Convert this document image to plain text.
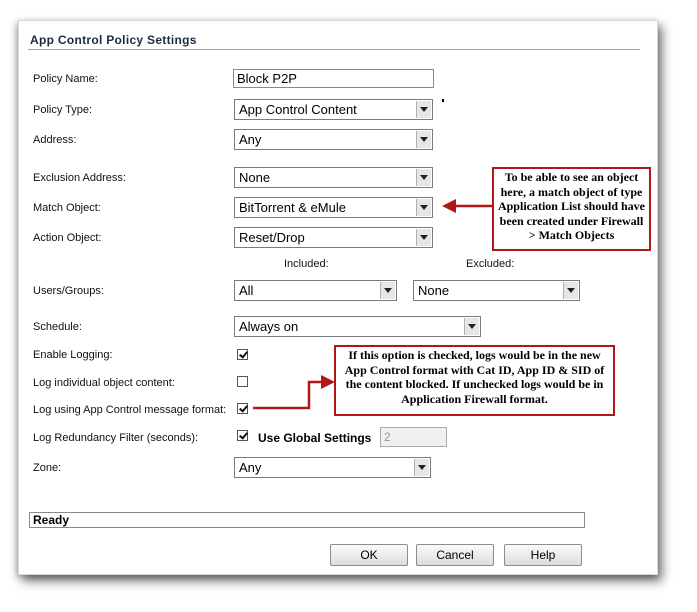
App Control Policy Settings
Policy Name:	Block P2P
Policy Type:	App Control Content
Address:	Any
Exclusion Address:	None
Match Object:	BitTorrent & eMule
Action Object:	Reset/Drop
Included:	Excluded:
Users/Groups:	All	None
Schedule:	Always on
Enable Logging:
Log individual object content:
Log using App Control message format:
Log Redundancy Filter (seconds):	Use Global Settings	2
Zone:	Any
To be able to see an object here, a match object of type Application List should have been created under Firewall > Match Objects
If this option is checked, logs would be in the new App Control format with Cat ID, App ID & SID of the content blocked. If unchecked logs would be in Application Firewall format.
Ready
OK	Cancel	Help
